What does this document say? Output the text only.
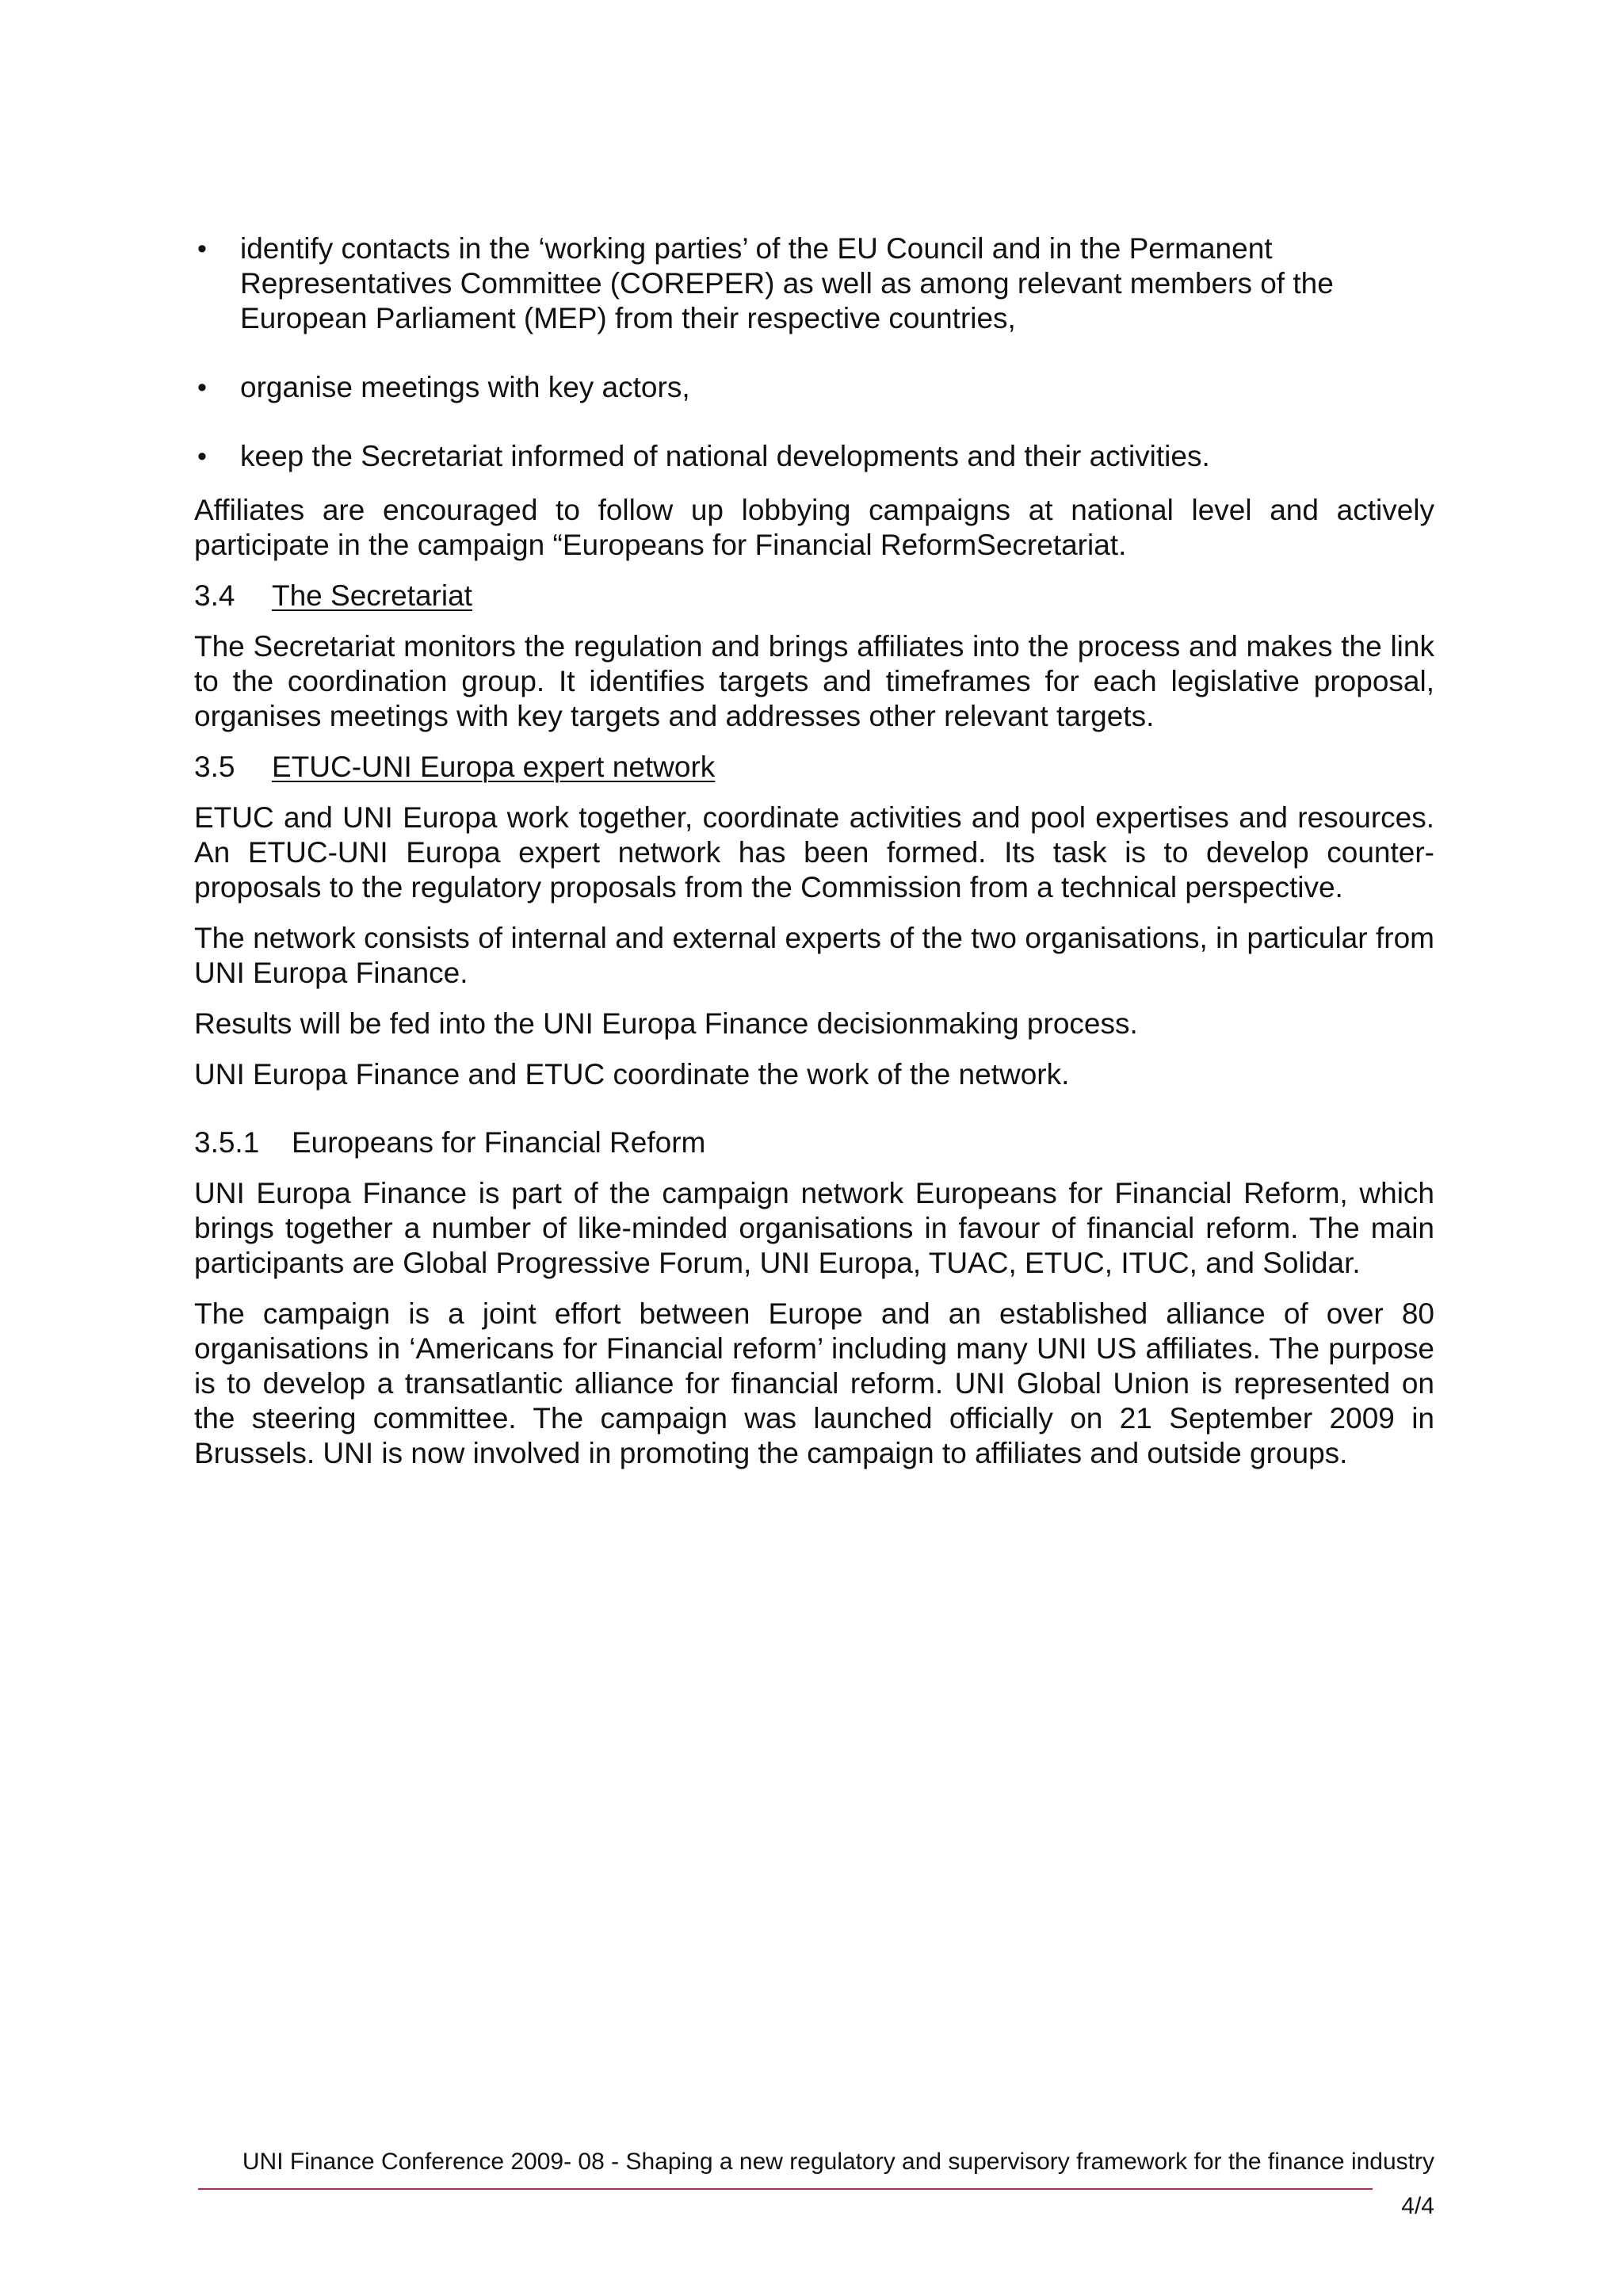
• identify contacts in the ‘working parties’ of the EU Council and in the Permanent Representatives Committee (COREPER) as well as among relevant members of the European Parliament (MEP) from their respective countries,
• organise meetings with key actors,
• keep the Secretariat informed of national developments and their activities.

Affiliates are encouraged to follow up lobbying campaigns at national level and actively participate in the campaign “Europeans for Financial ReformSecretariat.

3.4	The Secretariat

The Secretariat monitors the regulation and brings affiliates into the process and makes the link to the coordination group. It identifies targets and timeframes for each legislative proposal, organises meetings with key targets and addresses other relevant targets.

3.5	ETUC-UNI Europa expert network

ETUC and UNI Europa work together, coordinate activities and pool expertises and resources. An ETUC-UNI Europa expert network has been formed. Its task is to develop counter-proposals to the regulatory proposals from the Commission from a technical perspective.

The network consists of internal and external experts of the two organisations, in particular from UNI Europa Finance.

Results will be fed into the UNI Europa Finance decisionmaking process.

UNI Europa Finance and ETUC coordinate the work of the network.

3.5.1	Europeans for Financial Reform

UNI Europa Finance is part of the campaign network Europeans for Financial Reform, which brings together a number of like-minded organisations in favour of financial reform. The main participants are Global Progressive Forum, UNI Europa, TUAC, ETUC, ITUC, and Solidar.

The campaign is a joint effort between Europe and an established alliance of over 80 organisations in ‘Americans for Financial reform’ including many UNI US affiliates. The purpose is to develop a transatlantic alliance for financial reform. UNI Global Union is represented on the steering committee. The campaign was launched officially on 21 September 2009 in Brussels. UNI is now involved in promoting the campaign to affiliates and outside groups.

UNI Finance Conference 2009- 08 - Shaping a new regulatory and supervisory framework for the finance industry
4/4
